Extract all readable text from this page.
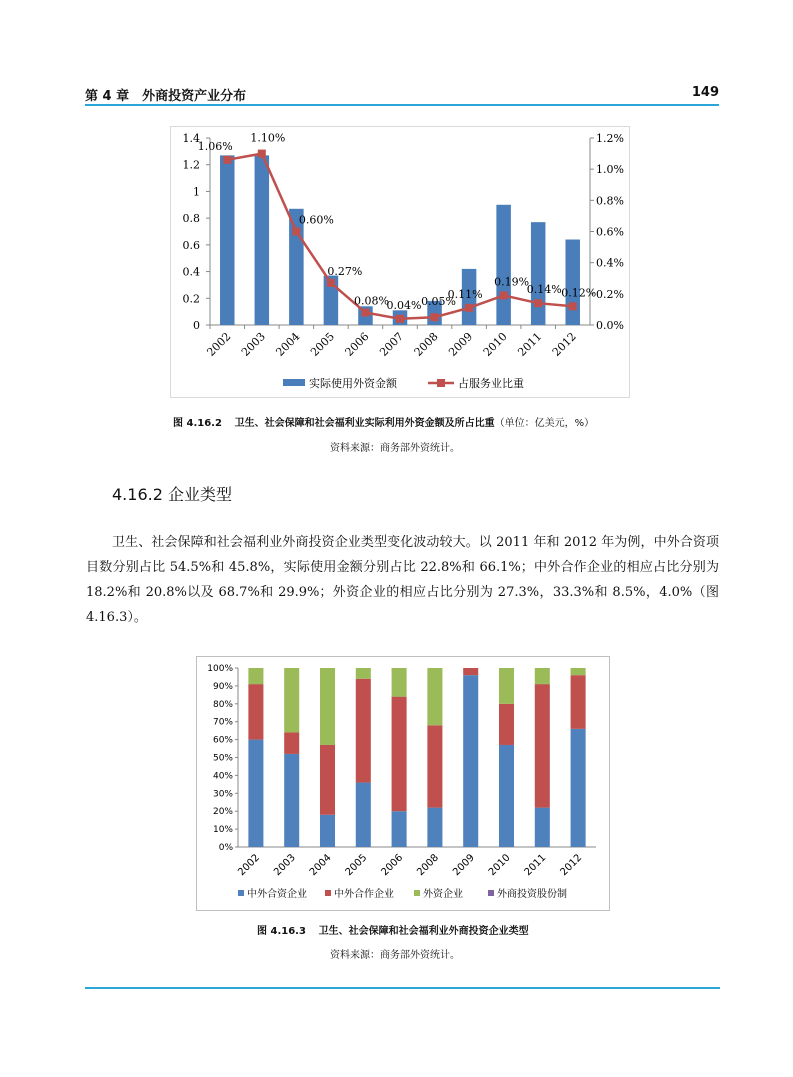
第 4 章　外商投资产业分布	149
0
0.2
0.4
0.6
0.8
1
1.2
1.4
0.0%
0.2%
0.4%
0.6%
0.8%
1.0%
1.2%
2002 2003 2004 2005 2006 2007 2008 2009 2010 2011 2012
1.06%
1.10%
0.60%
0.27%
0.08%
0.04% 0.05%
0.11%
0.19%
0.14% 0.12%
实际使用外资金额	占服务业比重
图 4.16.2 卫生、社会保障和社会福利业实际利用外资金额及所占比重（单位：亿美元，%）
资料来源：商务部外资统计。
4.16.2 企业类型
卫生、社会保障和社会福利业外商投资企业类型变化波动较大。以 2011 年和 2012 年为例，中外合资项目数分别占比 54.5%和 45.8%，实际使用金额分别占比 22.8%和 66.1%；中外合作企业的相应占比分别为 18.2%和 20.8%以及 68.7%和 29.9%；外资企业的相应占比分别为 27.3%，33.3%和 8.5%，4.0%（图 4.16.3）。
0%
10%
20%
30%
40%
50%
60%
70%
80%
90%
100%
2002 2003 2004 2005 2006 2008 2009 2010 2011 2012
中外合资企业	中外合作企业	外资企业	外商投资股份制
图 4.16.3 卫生、社会保障和社会福利业外商投资企业类型
资料来源：商务部外资统计。
